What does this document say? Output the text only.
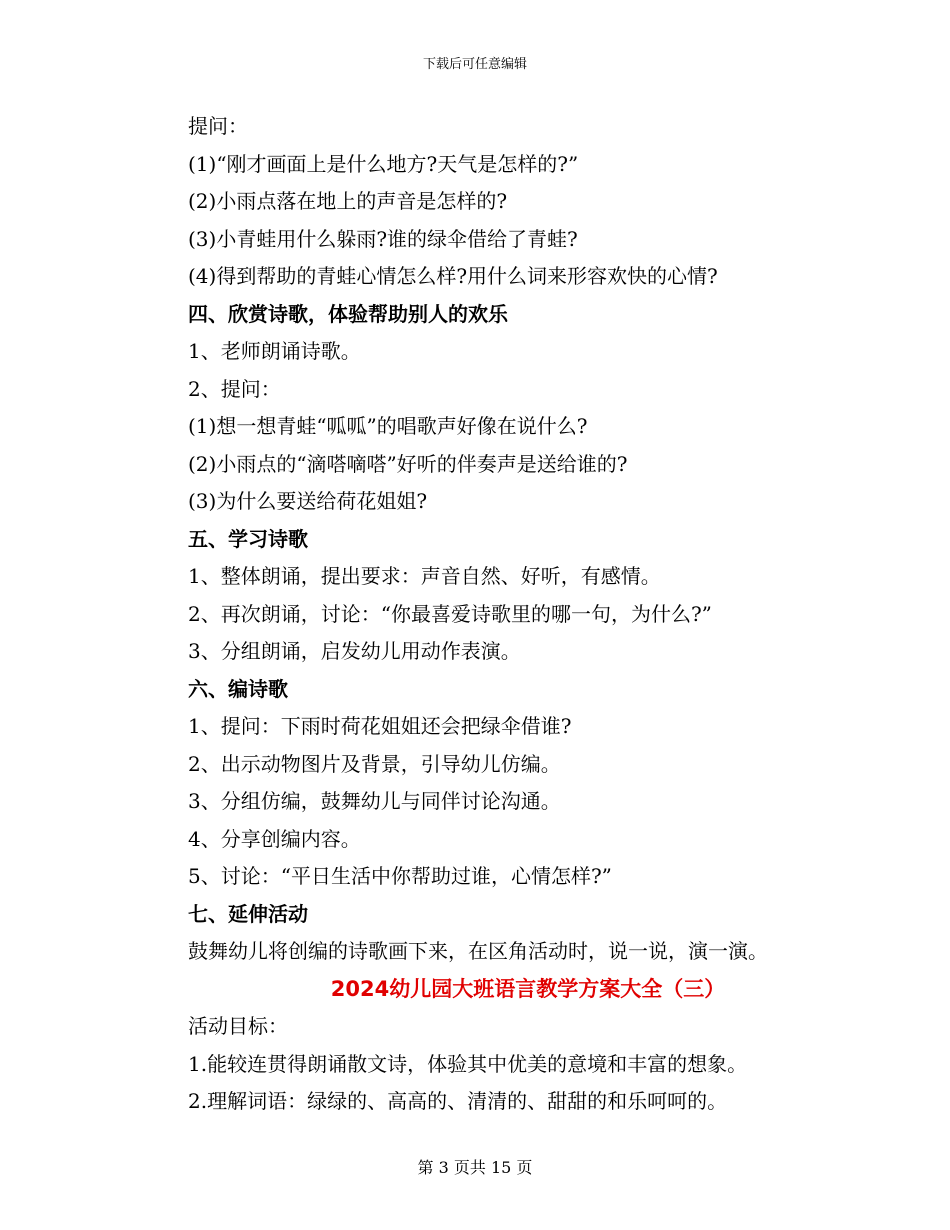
下载后可任意编辑
提问：
(1)“刚才画面上是什么地方?天气是怎样的?”
(2)小雨点落在地上的声音是怎样的?
(3)小青蛙用什么躲雨?谁的绿伞借给了青蛙?
(4)得到帮助的青蛙心情怎么样?用什么词来形容欢快的心情?
四、欣赏诗歌，体验帮助别人的欢乐
1、老师朗诵诗歌。
2、提问：
(1)想一想青蛙“呱呱”的唱歌声好像在说什么?
(2)小雨点的“滴嗒嘀嗒”好听的伴奏声是送给谁的?
(3)为什么要送给荷花姐姐?
五、学习诗歌
1、整体朗诵，提出要求：声音自然、好听，有感情。
2、再次朗诵，讨论：“你最喜爱诗歌里的哪一句，为什么?”
3、分组朗诵，启发幼儿用动作表演。
六、编诗歌
1、提问：下雨时荷花姐姐还会把绿伞借谁?
2、出示动物图片及背景，引导幼儿仿编。
3、分组仿编，鼓舞幼儿与同伴讨论沟通。
4、分享创编内容。
5、讨论：“平日生活中你帮助过谁，心情怎样?”
七、延伸活动
鼓舞幼儿将创编的诗歌画下来，在区角活动时，说一说，演一演。
2024幼儿园大班语言教学方案大全（三）
活动目标：
1.能较连贯得朗诵散文诗，体验其中优美的意境和丰富的想象。
2.理解词语：绿绿的、高高的、清清的、甜甜的和乐呵呵的。
第 3 页共 15 页
